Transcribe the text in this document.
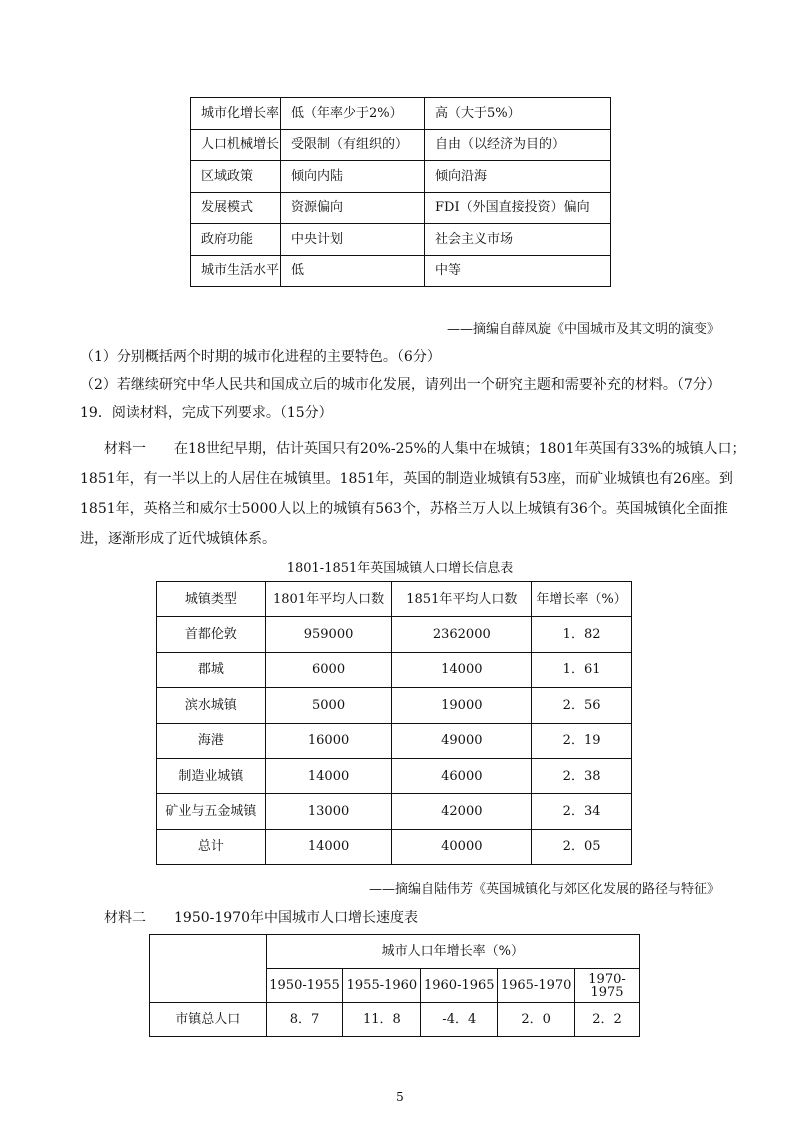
城市化增长率	低（年率少于2%）	高（大于5%）
人口机械增长	受限制（有组织的）	自由（以经济为目的）
区域政策	倾向内陆	倾向沿海
发展模式	资源偏向	FDI（外国直接投资）偏向
政府功能	中央计划	社会主义市场
城市生活水平	低	中等
——摘编自薛凤旋《中国城市及其文明的演变》
（1）分别概括两个时期的城市化进程的主要特色。（6分）
（2）若继续研究中华人民共和国成立后的城市化发展，请列出一个研究主题和需要补充的材料。（7分）
19．阅读材料，完成下列要求。（15分）
材料一　　在18世纪早期，估计英国只有20%-25%的人集中在城镇；1801年英国有33%的城镇人口；
1851年，有一半以上的人居住在城镇里。1851年，英国的制造业城镇有53座，而矿业城镇也有26座。到
1851年，英格兰和威尔士5000人以上的城镇有563个，苏格兰万人以上城镇有36个。英国城镇化全面推
进，逐渐形成了近代城镇体系。
1801-1851年英国城镇人口增长信息表
城镇类型	1801年平均人口数	1851年平均人口数	年增长率（%）
首都伦敦	959000	2362000	1．82
郡城	6000	14000	1．61
滨水城镇	5000	19000	2．56
海港	16000	49000	2．19
制造业城镇	14000	46000	2．38
矿业与五金城镇	13000	42000	2．34
总计	14000	40000	2．05
——摘编自陆伟芳《英国城镇化与郊区化发展的路径与特征》
材料二　　1950-1970年中国城市人口增长速度表
	城市人口年增长率（%）				
	1950-1955	1955-1960	1960-1965	1965-1970	1970-1975
市镇总人口	8．7	11．8	-4．4	2．0	2．2
5
